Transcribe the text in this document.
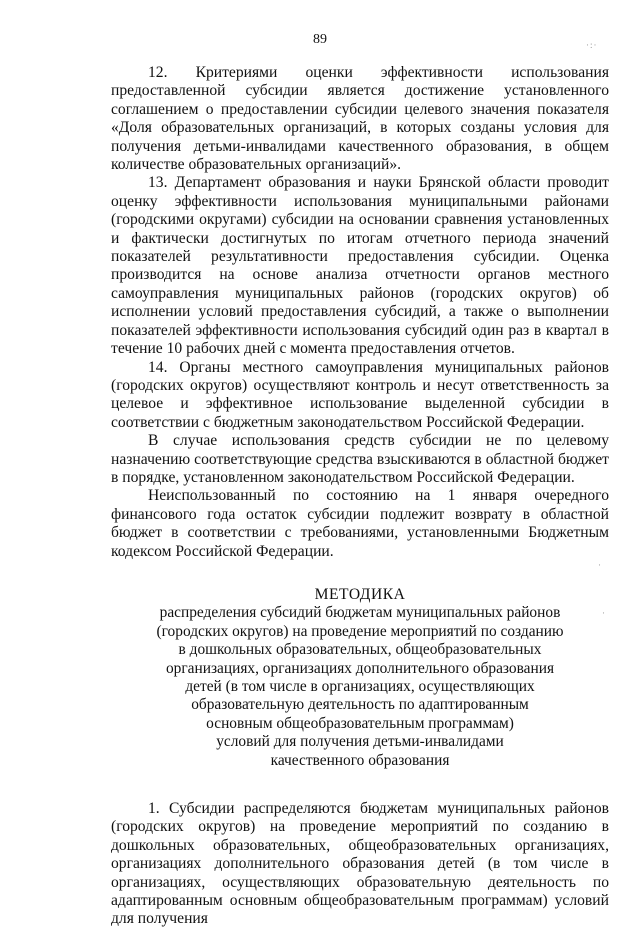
89	·:·
·
·

12. Критериями оценки эффективности использования предоставленной субсидии является достижение установленного соглашением о предоставлении субсидии целевого значения показателя «Доля образовательных организаций, в которых созданы условия для получения детьми-инвалидами качественного образования, в общем количестве образовательных организаций».

13. Департамент образования и науки Брянской области проводит оценку эффективности использования муниципальными районами (городскими округами) субсидии на основании сравнения установленных и фактически достигнутых по итогам отчетного периода значений показателей результативности предоставления субсидии. Оценка производится на основе анализа отчетности органов местного самоуправления муниципальных районов (городских округов) об исполнении условий предоставления субсидий, а также о выполнении показателей эффективности использования субсидий один раз в квартал в течение 10 рабочих дней с момента предоставления отчетов.

14. Органы местного самоуправления муниципальных районов (городских округов) осуществляют контроль и несут ответственность за целевое и эффективное использование выделенной субсидии в соответствии с бюджетным законодательством Российской Федерации.

В случае использования средств субсидии не по целевому назначению соответствующие средства взыскиваются в областной бюджет в порядке, установленном законодательством Российской Федерации.

Неиспользованный по состоянию на 1 января очередного финансового года остаток субсидии подлежит возврату в областной бюджет в соответствии с требованиями, установленными Бюджетным кодексом Российской Федерации.

МЕТОДИКА
распределения субсидий бюджетам муниципальных районов
(городских округов) на проведение мероприятий по созданию
в дошкольных образовательных, общеобразовательных
организациях, организациях дополнительного образования
детей (в том числе в организациях, осуществляющих
образовательную деятельность по адаптированным
основным общеобразовательным программам)
условий для получения детьми-инвалидами
качественного образования

1. Субсидии распределяются бюджетам муниципальных районов (городских округов) на проведение мероприятий по созданию в дошкольных образовательных, общеобразовательных организациях, организациях дополнительного образования детей (в том числе в организациях, осуществляющих образовательную деятельность по адаптированным основным общеобразовательным программам) условий для получения
